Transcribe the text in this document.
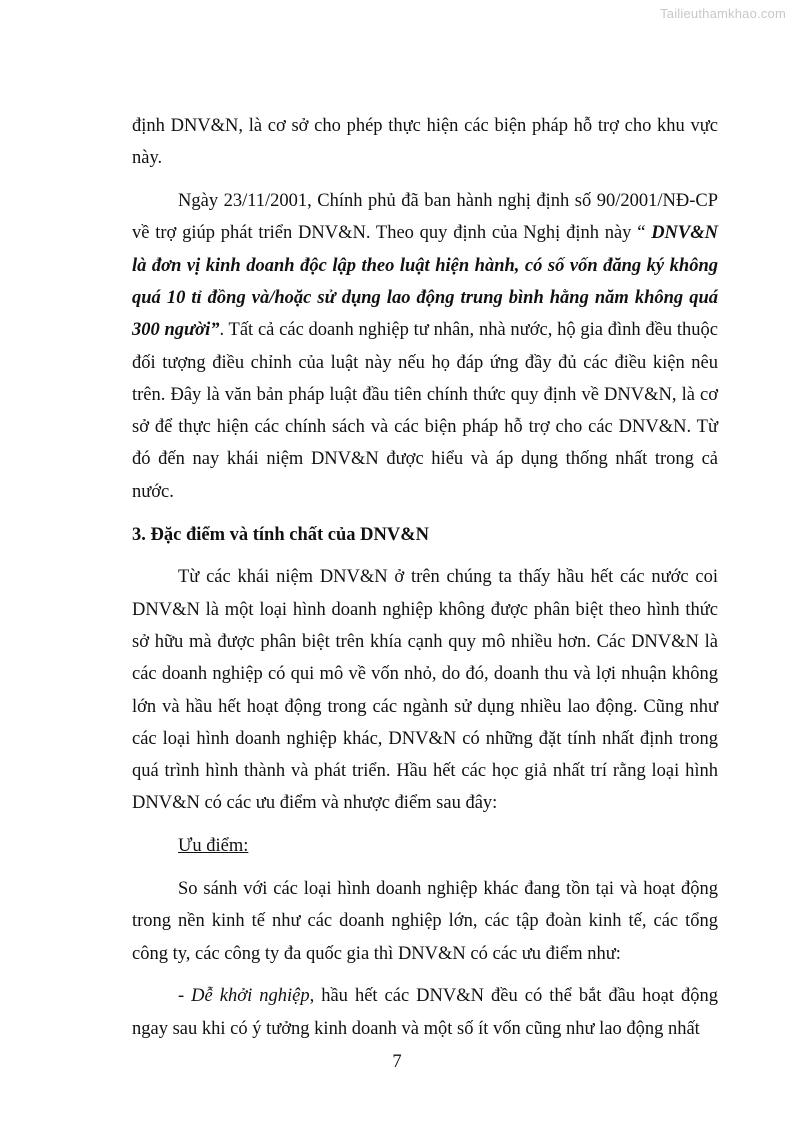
Tailieuthamkhao.com

định DNV&N, là cơ sở cho phép thực hiện các biện pháp hỗ trợ cho khu vực này.

Ngày 23/11/2001, Chính phủ đã ban hành nghị định số 90/2001/NĐ-CP về trợ giúp phát triển DNV&N. Theo quy định của Nghị định này “ DNV&N là đơn vị kinh doanh độc lập theo luật hiện hành, có số vốn đăng ký không quá 10 tỉ đồng và/hoặc sử dụng lao động trung bình hằng năm không quá 300 người”. Tất cả các doanh nghiệp tư nhân, nhà nước, hộ gia đình đều thuộc đối tượng điều chỉnh của luật này nếu họ đáp ứng đầy đủ các điều kiện nêu trên. Đây là văn bản pháp luật đầu tiên chính thức quy định về DNV&N, là cơ sở để thực hiện các chính sách và các biện pháp hỗ trợ cho các DNV&N. Từ đó đến nay khái niệm DNV&N được hiểu và áp dụng thống nhất trong cả nước.

3. Đặc điểm và tính chất của DNV&N

Từ các khái niệm DNV&N ở trên chúng ta thấy hầu hết các nước coi DNV&N là một loại hình doanh nghiệp không được phân biệt theo hình thức sở hữu mà được phân biệt trên khía cạnh quy mô nhiều hơn. Các DNV&N là các doanh nghiệp có qui mô về vốn nhỏ, do đó, doanh thu và lợi nhuận không lớn và hầu hết hoạt động trong các ngành sử dụng nhiều lao động. Cũng như các loại hình doanh nghiệp khác, DNV&N có những đặt tính nhất định trong quá trình hình thành và phát triển. Hầu hết các học giả nhất trí rằng loại hình DNV&N có các ưu điểm và nhược điểm sau đây:

Ưu điểm:

So sánh với các loại hình doanh nghiệp khác đang tồn tại và hoạt động trong nền kinh tế như các doanh nghiệp lớn, các tập đoàn kinh tế, các tổng công ty, các công ty đa quốc gia thì DNV&N có các ưu điểm như:

- Dễ khởi nghiệp, hầu hết các DNV&N đều có thể bắt đầu hoạt động ngay sau khi có ý tưởng kinh doanh và một số ít vốn cũng như lao động nhất

7
